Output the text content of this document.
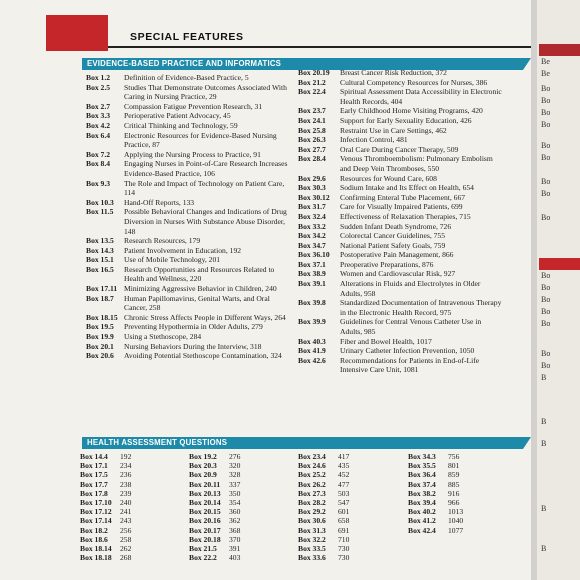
SPECIAL FEATURES
EVIDENCE-BASED PRACTICE AND INFORMATICS
Box 1.2 Definition of Evidence-Based Practice, 5
Box 2.5 Studies That Demonstrate Outcomes Associated With Caring in Nursing Practice, 29
Box 2.7 Compassion Fatigue Prevention Research, 31
Box 3.3 Perioperative Patient Advocacy, 45
Box 4.2 Critical Thinking and Technology, 59
Box 6.4 Electronic Resources for Evidence-Based Nursing Practice, 87
Box 7.2 Applying the Nursing Process to Practice, 91
Box 8.4 Engaging Nurses in Point-of-Care Research Increases Evidence-Based Practice, 106
Box 9.3 The Role and Impact of Technology on Patient Care, 114
Box 10.3 Hand-Off Reports, 133
Box 11.5 Possible Behavioral Changes and Indications of Drug Diversion in Nurses With Substance Abuse Disorder, 148
Box 13.5 Research Resources, 179
Box 14.3 Patient Involvement in Education, 192
Box 15.1 Use of Mobile Technology, 201
Box 16.5 Research Opportunities and Resources Related to Health and Wellness, 220
Box 17.11 Minimizing Aggressive Behavior in Children, 240
Box 18.7 Human Papillomavirus, Genital Warts, and Oral Cancer, 258
Box 18.15 Chronic Stress Affects People in Different Ways, 264
Box 19.5 Preventing Hypothermia in Older Adults, 279
Box 19.9 Using a Stethoscope, 284
Box 20.1 Nursing Behaviors During the Interview, 318
Box 20.6 Avoiding Potential Stethoscope Contamination, 324
Box 20.19 Breast Cancer Risk Reduction, 372
Box 21.2 Cultural Competency Resources for Nurses, 386
Box 22.4 Spiritual Assessment Data Accessibility in Electronic Health Records, 404
Box 23.7 Early Childhood Home Visiting Programs, 420
Box 24.1 Support for Early Sexuality Education, 426
Box 25.8 Restraint Use in Care Settings, 462
Box 26.3 Infection Control, 481
Box 27.7 Oral Care During Cancer Therapy, 509
Box 28.4 Venous Thromboembolism: Pulmonary Embolism and Deep Vein Thromboses, 550
Box 29.6 Resources for Wound Care, 608
Box 30.3 Sodium Intake and Its Effect on Health, 654
Box 30.12 Confirming Enteral Tube Placement, 667
Box 31.7 Care for Visually Impaired Patients, 699
Box 32.4 Effectiveness of Relaxation Therapies, 715
Box 33.2 Sudden Infant Death Syndrome, 726
Box 34.2 Colorectal Cancer Guidelines, 755
Box 34.7 National Patient Safety Goals, 759
Box 36.10 Postoperative Pain Management, 866
Box 37.1 Preoperative Preparations, 876
Box 38.9 Women and Cardiovascular Risk, 927
Box 39.1 Alterations in Fluids and Electrolytes in Older Adults, 958
Box 39.8 Standardized Documentation of Intravenous Therapy in the Electronic Health Record, 975
Box 39.9 Guidelines for Central Venous Catheter Use in Adults, 985
Box 40.3 Fiber and Bowel Health, 1017
Box 41.9 Urinary Catheter Infection Prevention, 1050
Box 42.6 Recommendations for Patients in End-of-Life Intensive Care Unit, 1081
HEALTH ASSESSMENT QUESTIONS
Box 14.4 192
Box 17.1 234
Box 17.5 236
Box 17.7 238
Box 17.8 239
Box 17.10 240
Box 17.12 241
Box 17.14 243
Box 18.2 256
Box 18.6 258
Box 18.14 262
Box 18.18 268
Box 19.2 276
Box 20.3 320
Box 20.9 328
Box 20.11 337
Box 20.13 350
Box 20.14 354
Box 20.15 360
Box 20.16 362
Box 20.17 368
Box 20.18 370
Box 21.5 391
Box 22.2 403
Box 23.4 417
Box 24.6 435
Box 25.2 452
Box 26.2 477
Box 27.3 503
Box 28.2 547
Box 29.2 601
Box 30.6 658
Box 31.3 691
Box 32.2 710
Box 33.5 730
Box 33.6 730
Box 34.3 756
Box 35.5 801
Box 36.4 859
Box 37.4 885
Box 38.2 916
Box 39.4 966
Box 40.2 1013
Box 41.2 1040
Box 42.4 1077
Be
Be
Bo
Bo
Bo
Bo
Bo
Bo
Bo
Bo
Bo
Bo
Bo
Bo
Bo
Bo
Bo
Bo
B
B
B
B
B
